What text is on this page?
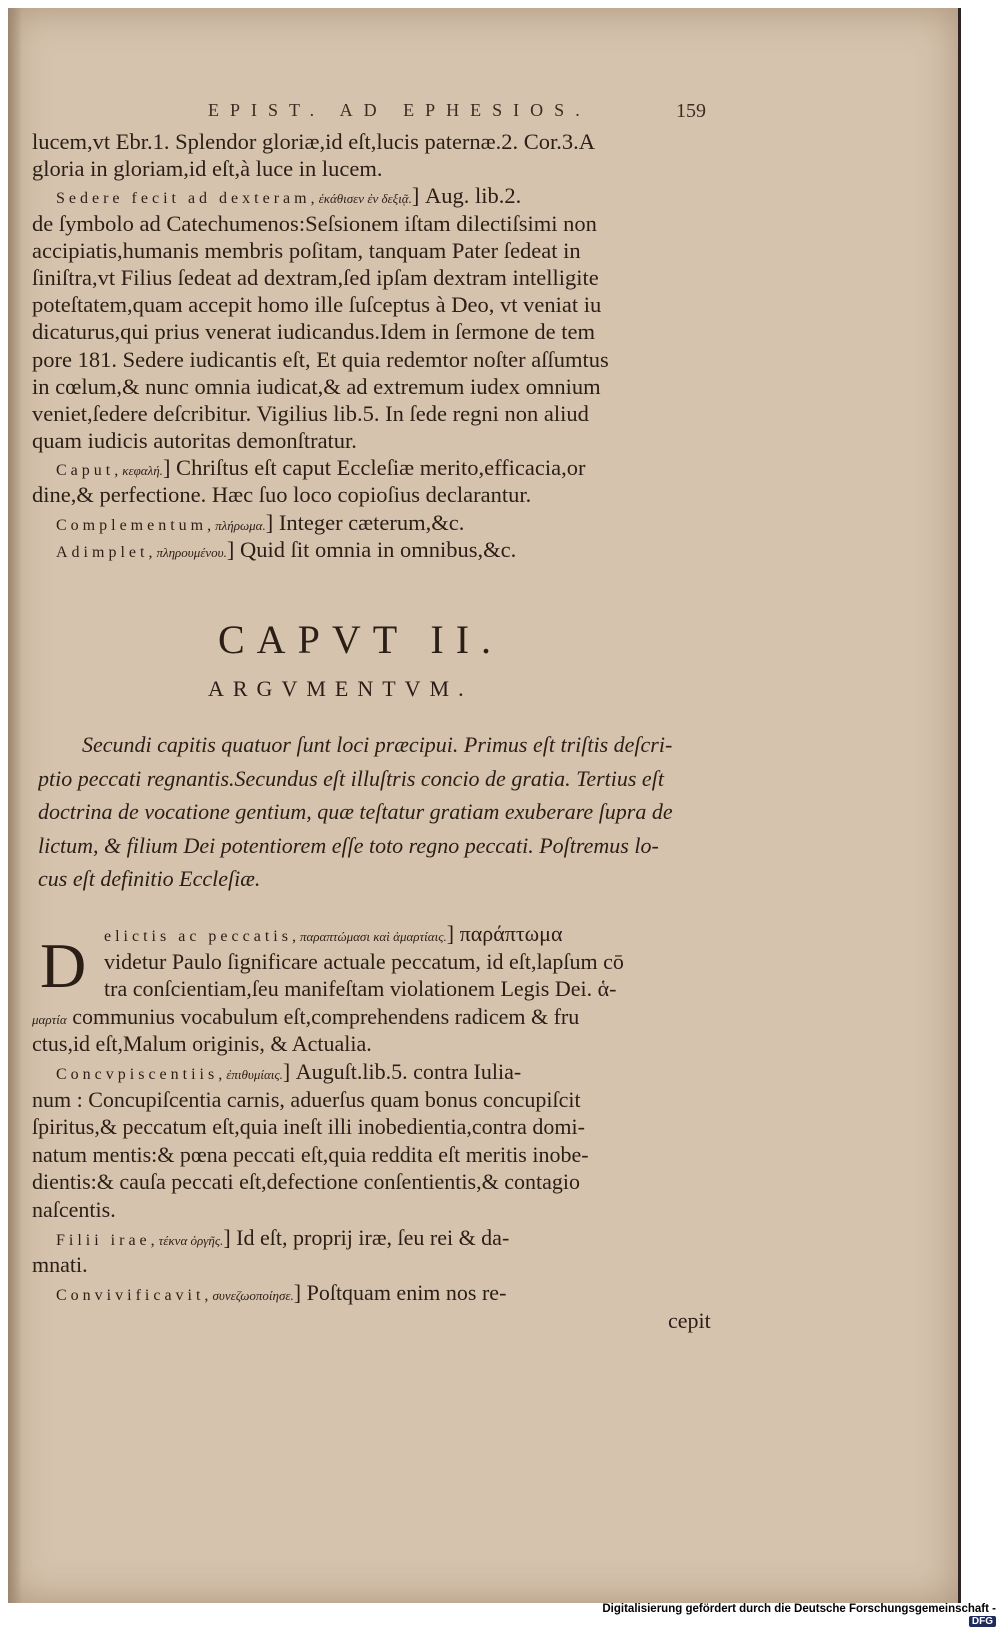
EPIST. AD EPHESIOS.	159
lucem,vt Ebr.1. Splendor gloriæ,id eſt,lucis paternæ.2. Cor.3.A
gloria in gloriam,id eſt,à luce in lucem.
Sedere fecit ad dexteram,ἐκάθισεν ἐν δεξιᾷ.] Aug. lib.2.
de ſymbolo ad Catechumenos:Seſsionem iſtam dilectiſsimi non
accipiatis,humanis membris poſitam, tanquam Pater ſedeat in
ſiniſtra,vt Filius ſedeat ad dextram,ſed ipſam dextram intelligite
poteſtatem,quam accepit homo ille ſuſceptus à Deo, vt veniat iu
dicaturus,qui prius venerat iudicandus.Idem in ſermone de tem
pore 181. Sedere iudicantis eſt, Et quia redemtor noſter aſſumtus
in cœlum,& nunc omnia iudicat,& ad extremum iudex omnium
veniet,ſedere deſcribitur. Vigilius lib.5. In ſede regni non aliud
quam iudicis autoritas demonſtratur.
Caput,κεφαλή.] Chriſtus eſt caput Eccleſiæ merito,efficacia,or
dine,& perfectione. Hæc ſuo loco copioſius declarantur.
Complementum,πλήρωμα.] Integer cæterum,&c.
Adimplet,πληρουμένου.] Quid ſit omnia in omnibus,&c.
CAPVT II.
ARGVMENTVM.
Secundi capitis quatuor ſunt loci præcipui. Primus eſt triſtis deſcri-
ptio peccati regnantis.Secundus eſt illuſtris concio de gratia. Tertius eſt
doctrina de vocatione gentium, quæ teſtatur gratiam exuberare ſupra de
lictum, & filium Dei potentiorem eſſe toto regno peccati. Poſtremus lo-
cus eſt definitio Eccleſiæ.
D	elictis ac peccatis,παραπτώμασι καὶ ἁμαρτίαις.] παράπτωμα
videtur Paulo ſignificare actuale peccatum, id eſt,lapſum cō
tra conſcientiam,ſeu manifeſtam violationem Legis Dei. ἁ-
μαρτία communius vocabulum eſt,comprehendens radicem & fru
ctus,id eſt,Malum originis, & Actualia.
Concvpiscentiis,ἐπιθυμίαις.] Auguſt.lib.5. contra Iulia-
num : Concupiſcentia carnis, aduerſus quam bonus concupiſcit
ſpiritus,& peccatum eſt,quia ineſt illi inobedientia,contra domi-
natum mentis:& pœna peccati eſt,quia reddita eſt meritis inobe-
dientis:& cauſa peccati eſt,defectione conſentientis,& contagio
naſcentis.
Filii irae,τέκνα ὀργῆς.] Id eſt, proprij iræ, ſeu rei & da-
mnati.
Convivificavit,συνεζωοποίησε.] Poſtquam enim nos re-
cepit
Digitalisierung gefördert durch die Deutsche Forschungsgemeinschaft -DFG
